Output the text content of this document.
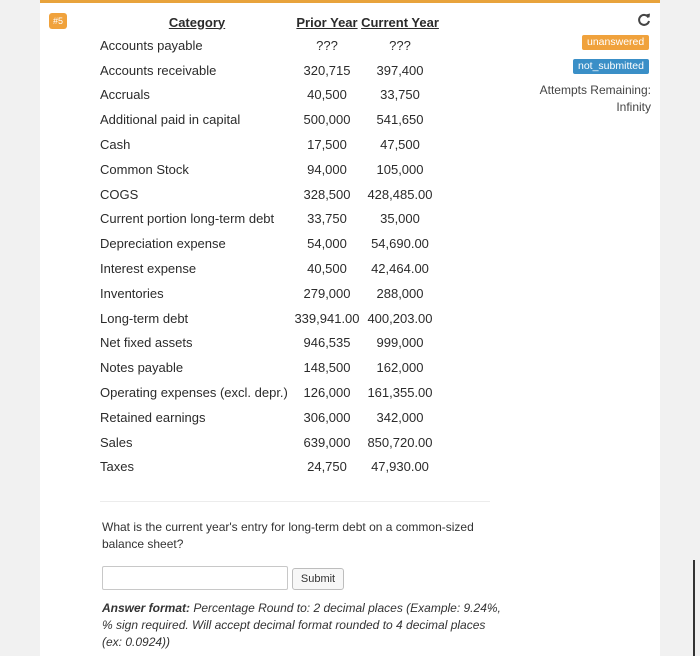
#5	Category	Prior Year	Current Year
Accounts payable	???	???
Accounts receivable	320,715	397,400
Accruals	40,500	33,750
Additional paid in capital	500,000	541,650
Cash	17,500	47,500
Common Stock	94,000	105,000
COGS	328,500	428,485.00
Current portion long-term debt	33,750	35,000
Depreciation expense	54,000	54,690.00
Interest expense	40,500	42,464.00
Inventories	279,000	288,000
Long-term debt	339,941.00	400,203.00
Net fixed assets	946,535	999,000
Notes payable	148,500	162,000
Operating expenses (excl. depr.)	126,000	161,355.00
Retained earnings	306,000	342,000
Sales	639,000	850,720.00
Taxes	24,750	47,930.00
What is the current year's entry for long-term debt on a common-sized balance sheet?
Submit
Answer format: Percentage Round to: 2 decimal places (Example: 9.24%, % sign required. Will accept decimal format rounded to 4 decimal places (ex: 0.0924))
unanswered
not_submitted
Attempts Remaining:
Infinity
